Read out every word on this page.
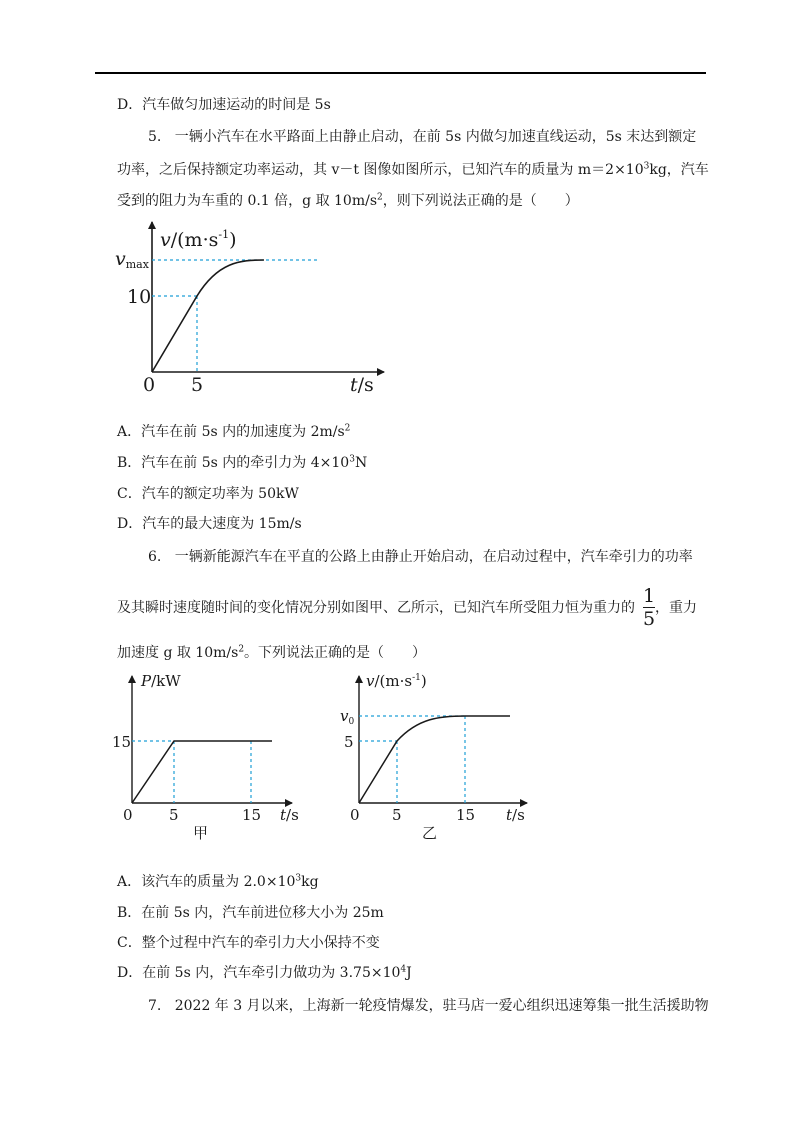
D．汽车做匀加速运动的时间是 5s
5. 一辆小汽车在水平路面上由静止启动，在前 5s 内做匀加速直线运动，5s 末达到额定
功率，之后保持额定功率运动，其 v－t 图像如图所示，已知汽车的质量为 $m=2\times 10^3kg$，汽车
受到的阻力为车重的 0.1 倍，g 取 $10m/s^2$，则下列说法正确的是（　　）
$v/(m\cdot s^{-1})$
vmax
10
0 5	t/s
A．汽车在前 5s 内的加速度为 $2m/s^2$
B．汽车在前 5s 内的牵引力为 $4\times 10^3N$
C．汽车的额定功率为 50kW
D．汽车的最大速度为 15m/s
6. 一辆新能源汽车在平直的公路上由静止开始启动，在启动过程中，汽车牵引力的功率
及其瞬时速度随时间的变化情况分别如图甲、乙所示，已知汽车所受阻力恒为重力的 ，重力
1
5
加速度 g 取 $10m/s^2$。下列说法正确的是（　　）
P/kW
15
0 5	15 t/s
甲
$v/(m\cdot s^{-1})$
$v_0$
5
0 5	15 t/s
乙
A．该汽车的质量为 $2.0\times 10^3kg$
B．在前 5s 内，汽车前进位移大小为 25m
C．整个过程中汽车的牵引力大小保持不变
D．在前 5s 内，汽车牵引力做功为 $3.75\times 10^4J$
7. 2022 年 3 月以来，上海新一轮疫情爆发，驻马店一爱心组织迅速筹集一批生活援助物
